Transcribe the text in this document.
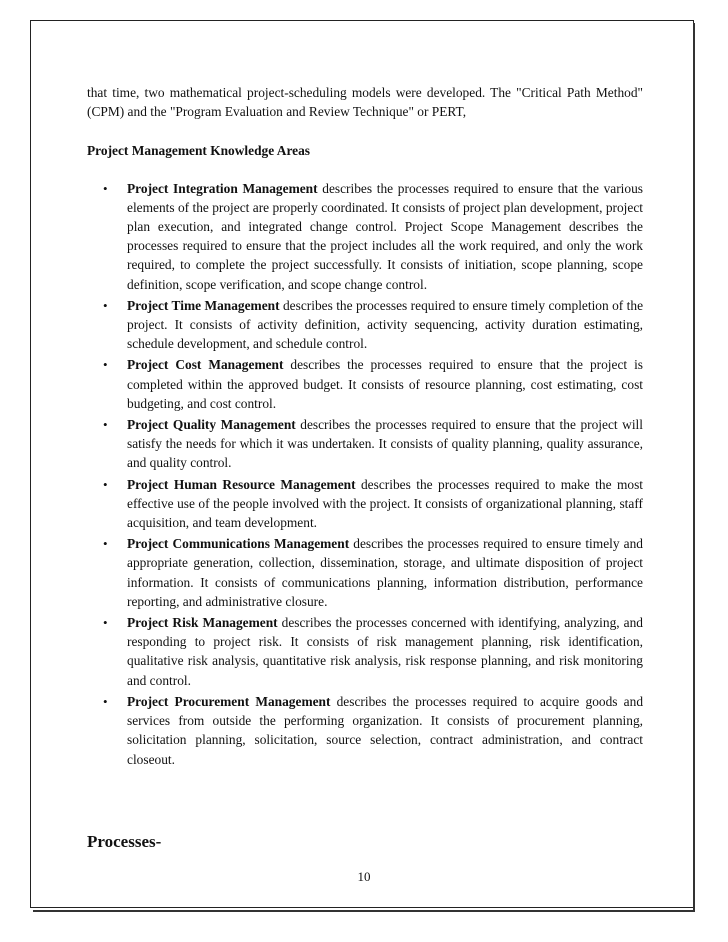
that time, two mathematical project-scheduling models were developed. The "Critical Path Method" (CPM) and the "Program Evaluation and Review Technique" or PERT,

Project Management Knowledge Areas
• Project Integration Management describes the processes required to ensure that the various elements of the project are properly coordinated. It consists of project plan development, project plan execution, and integrated change control. Project Scope Management describes the processes required to ensure that the project includes all the work required, and only the work required, to complete the project successfully. It consists of initiation, scope planning, scope definition, scope verification, and scope change control.
• Project Time Management describes the processes required to ensure timely completion of the project. It consists of activity definition, activity sequencing, activity duration estimating, schedule development, and schedule control.
• Project Cost Management describes the processes required to ensure that the project is completed within the approved budget. It consists of resource planning, cost estimating, cost budgeting, and cost control.
• Project Quality Management describes the processes required to ensure that the project will satisfy the needs for which it was undertaken. It consists of quality planning, quality assurance, and quality control.
• Project Human Resource Management describes the processes required to make the most effective use of the people involved with the project. It consists of organizational planning, staff acquisition, and team development.
• Project Communications Management describes the processes required to ensure timely and appropriate generation, collection, dissemination, storage, and ultimate disposition of project information. It consists of communications planning, information distribution, performance reporting, and administrative closure.
• Project Risk Management describes the processes concerned with identifying, analyzing, and responding to project risk. It consists of risk management planning, risk identification, qualitative risk analysis, quantitative risk analysis, risk response planning, and risk monitoring and control.
• Project Procurement Management describes the processes required to acquire goods and services from outside the performing organization. It consists of procurement planning, solicitation planning, solicitation, source selection, contract administration, and contract closeout.
Processes-
10
